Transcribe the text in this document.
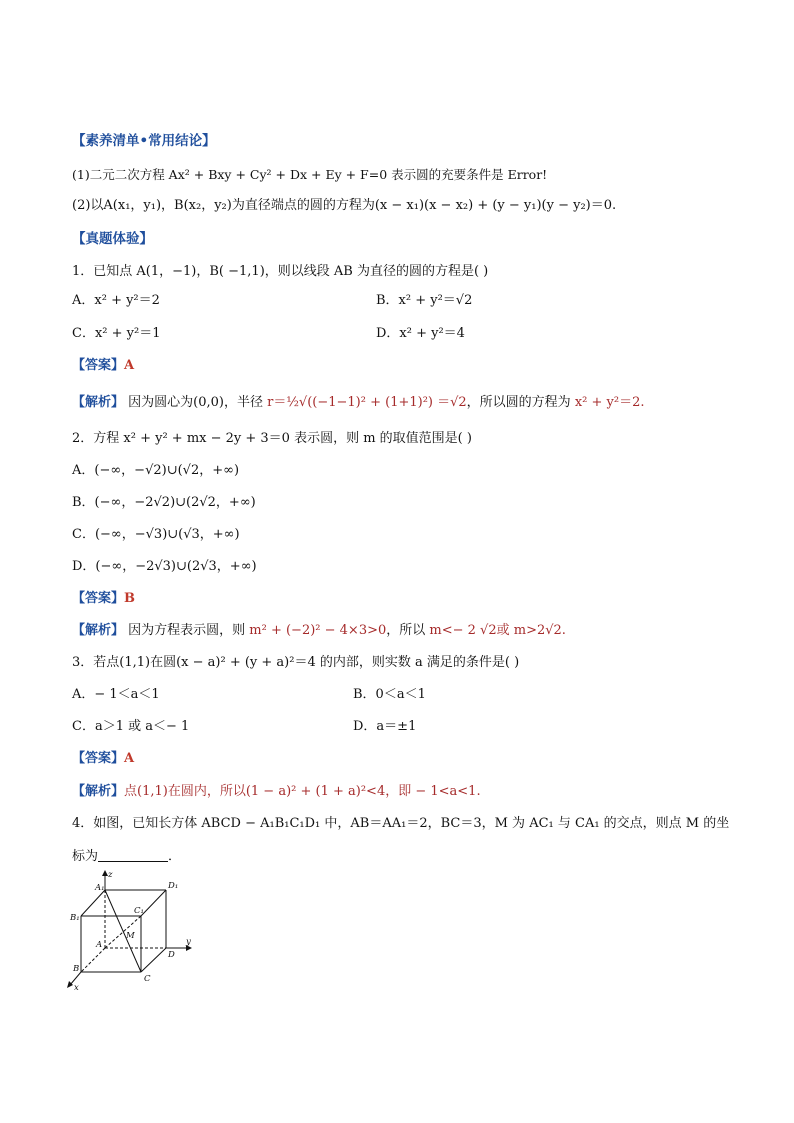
【素养清单•常用结论】
(1)二元二次方程 Ax² + Bxy + Cy² + Dx + Ey + F=0 表示圆的充要条件是 Error!
(2)以A(x₁，y₁)，B(x₂，y₂)为直径端点的圆的方程为(x − x₁)(x − x₂) + (y − y₁)(y − y₂)＝0.
【真题体验】
1．已知点 A(1，−1)，B( −1,1)，则以线段 AB 为直径的圆的方程是( )
A．x² + y²＝2	B．x² + y²＝√2
C．x² + y²＝1	D．x² + y²＝4
【答案】A
【解析】 因为圆心为(0,0)，半径 r＝½√((−1−1)² + (1+1)²) ＝√2，所以圆的方程为 x² + y²＝2.
2．方程 x² + y² + mx − 2y + 3＝0 表示圆，则 m 的取值范围是( )
A．(−∞，−√2)∪(√2，+∞)
B．(−∞，−2√2)∪(2√2，+∞)
C．(−∞，−√3)∪(√3，+∞)
D．(−∞，−2√3)∪(2√3，+∞)
【答案】B
【解析】 因为方程表示圆，则 m² + (−2)² − 4×3>0，所以 m<− 2 √2或 m>2√2.
3．若点(1,1)在圆(x − a)² + (y + a)²＝4 的内部，则实数 a 满足的条件是( )
A．− 1＜a＜1	B．0＜a＜1
C．a＞1 或 a＜− 1	D．a＝±1
【答案】A
【解析】点(1,1)在圆内，所以(1 − a)² + (1 + a)²<4，即 − 1<a<1.
4．如图，已知长方体 ABCD − A₁B₁C₁D₁ 中，AB＝AA₁＝2，BC＝3，M 为 AC₁ 与 CA₁ 的交点，则点 M 的坐
标为	．
A₁	D₁
B₁
C₁
A
M
D
B
C
z
y
x
